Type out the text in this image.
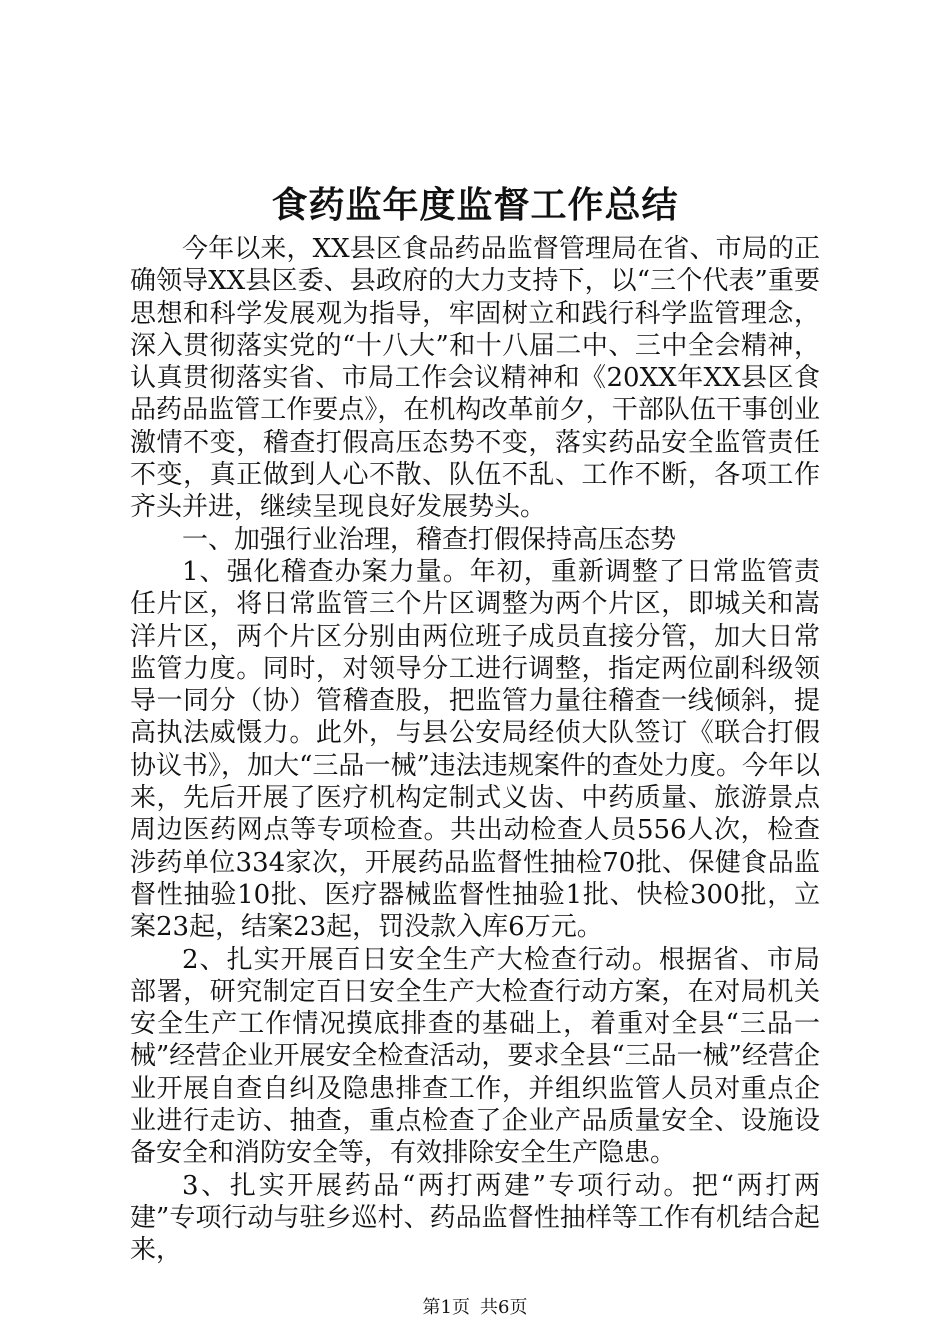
食药监年度监督工作总结

今年以来，XX县区食品药品监督管理局在省、市局的正确领导XX县区委、县政府的大力支持下，以“三个代表”重要思想和科学发展观为指导，牢固树立和践行科学监管理念，深入贯彻落实党的“十八大”和十八届二中、三中全会精神，认真贯彻落实省、市局工作会议精神和《20XX年XX县区食品药品监管工作要点》，在机构改革前夕，干部队伍干事创业激情不变，稽查打假高压态势不变，落实药品安全监管责任不变，真正做到人心不散、队伍不乱、工作不断，各项工作齐头并进，继续呈现良好发展势头。

一、加强行业治理，稽查打假保持高压态势

1、强化稽查办案力量。年初，重新调整了日常监管责任片区，将日常监管三个片区调整为两个片区，即城关和嵩洋片区，两个片区分别由两位班子成员直接分管，加大日常监管力度。同时，对领导分工进行调整，指定两位副科级领导一同分（协）管稽查股，把监管力量往稽查一线倾斜，提高执法威慑力。此外，与县公安局经侦大队签订《联合打假协议书》，加大“三品一械”违法违规案件的查处力度。今年以来，先后开展了医疗机构定制式义齿、中药质量、旅游景点周边医药网点等专项检查。共出动检查人员556人次，检查涉药单位334家次，开展药品监督性抽检70批、保健食品监督性抽验10批、医疗器械监督性抽验1批、快检300批，立案23起，结案23起，罚没款入库6万元。

2、扎实开展百日安全生产大检查行动。根据省、市局部署，研究制定百日安全生产大检查行动方案，在对局机关安全生产工作情况摸底排查的基础上，着重对全县“三品一械”经营企业开展安全检查活动，要求全县“三品一械”经营企业开展自查自纠及隐患排查工作，并组织监管人员对重点企业进行走访、抽查，重点检查了企业产品质量安全、设施设备安全和消防安全等，有效排除安全生产隐患。

3、扎实开展药品“两打两建”专项行动。把“两打两建”专项行动与驻乡巡村、药品监督性抽样等工作有机结合起来，

第1页 共6页
